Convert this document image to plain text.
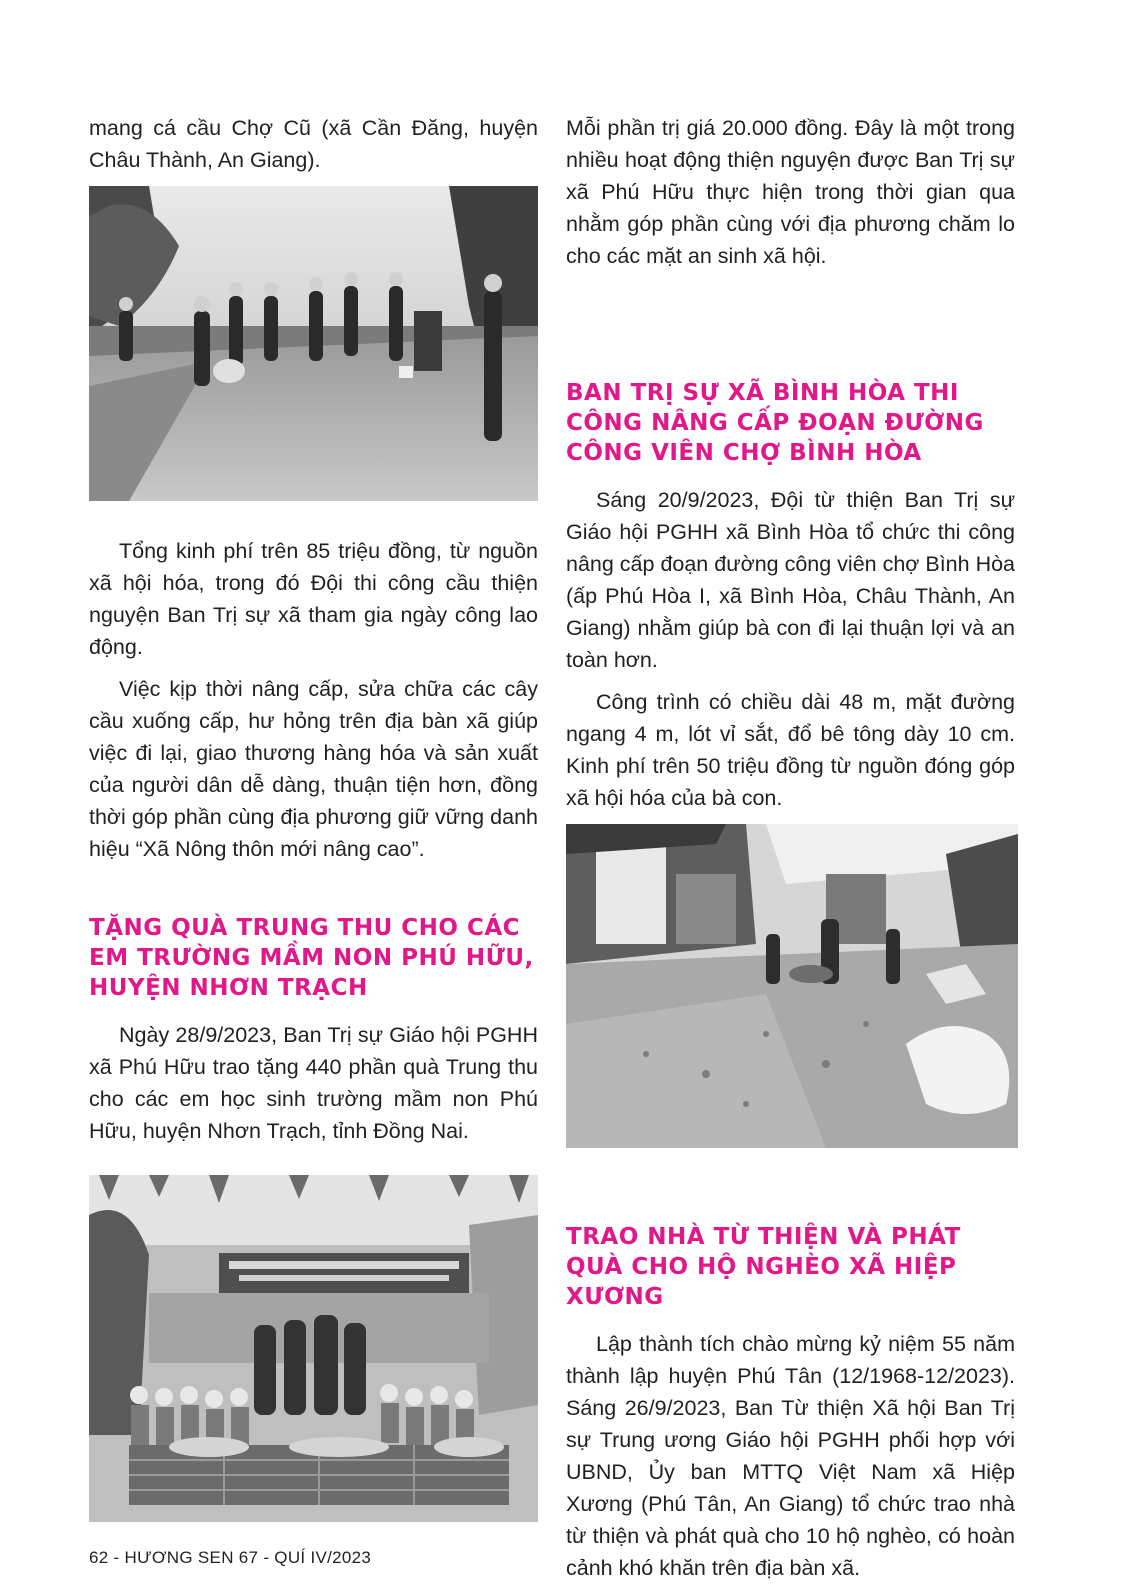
mang cá cầu Chợ Cũ (xã Cần Đăng, huyện Châu Thành, An Giang).

Tổng kinh phí trên 85 triệu đồng, từ nguồn xã hội hóa, trong đó Đội thi công cầu thiện nguyện Ban Trị sự xã tham gia ngày công lao động.

Việc kịp thời nâng cấp, sửa chữa các cây cầu xuống cấp, hư hỏng trên địa bàn xã giúp việc đi lại, giao thương hàng hóa và sản xuất của người dân dễ dàng, thuận tiện hơn, đồng thời góp phần cùng địa phương giữ vững danh hiệu “Xã Nông thôn mới nâng cao”.

TẶNG QUÀ TRUNG THU CHO CÁC EM TRƯỜNG MẦM NON PHÚ HỮU, HUYỆN NHƠN TRẠCH

Ngày 28/9/2023, Ban Trị sự Giáo hội PGHH xã Phú Hữu trao tặng 440 phần quà Trung thu cho các em học sinh trường mầm non Phú Hữu, huyện Nhơn Trạch, tỉnh Đồng Nai.

Mỗi phần trị giá 20.000 đồng. Đây là một trong nhiều hoạt động thiện nguyện được Ban Trị sự xã Phú Hữu thực hiện trong thời gian qua nhằm góp phần cùng với địa phương chăm lo cho các mặt an sinh xã hội.

BAN TRỊ SỰ XÃ BÌNH HÒA THI CÔNG NÂNG CẤP ĐOẠN ĐƯỜNG CÔNG VIÊN CHỢ BÌNH HÒA

Sáng 20/9/2023, Đội từ thiện Ban Trị sự Giáo hội PGHH xã Bình Hòa tổ chức thi công nâng cấp đoạn đường công viên chợ Bình Hòa (ấp Phú Hòa I, xã Bình Hòa, Châu Thành, An Giang) nhằm giúp bà con đi lại thuận lợi và an toàn hơn.

Công trình có chiều dài 48 m, mặt đường ngang 4 m, lót vỉ sắt, đổ bê tông dày 10 cm. Kinh phí trên 50 triệu đồng từ nguồn đóng góp xã hội hóa của bà con.

TRAO NHÀ TỪ THIỆN VÀ PHÁT QUÀ CHO HỘ NGHÈO XÃ HIỆP XƯƠNG

Lập thành tích chào mừng kỷ niệm 55 năm thành lập huyện Phú Tân (12/1968-12/2023). Sáng 26/9/2023, Ban Từ thiện Xã hội Ban Trị sự Trung ương Giáo hội PGHH phối hợp với UBND, Ủy ban MTTQ Việt Nam xã Hiệp Xương (Phú Tân, An Giang) tổ chức trao nhà từ thiện và phát quà cho 10 hộ nghèo, có hoàn cảnh khó khăn trên địa bàn xã.

62 - HƯƠNG SEN 67 - QUÍ IV/2023
